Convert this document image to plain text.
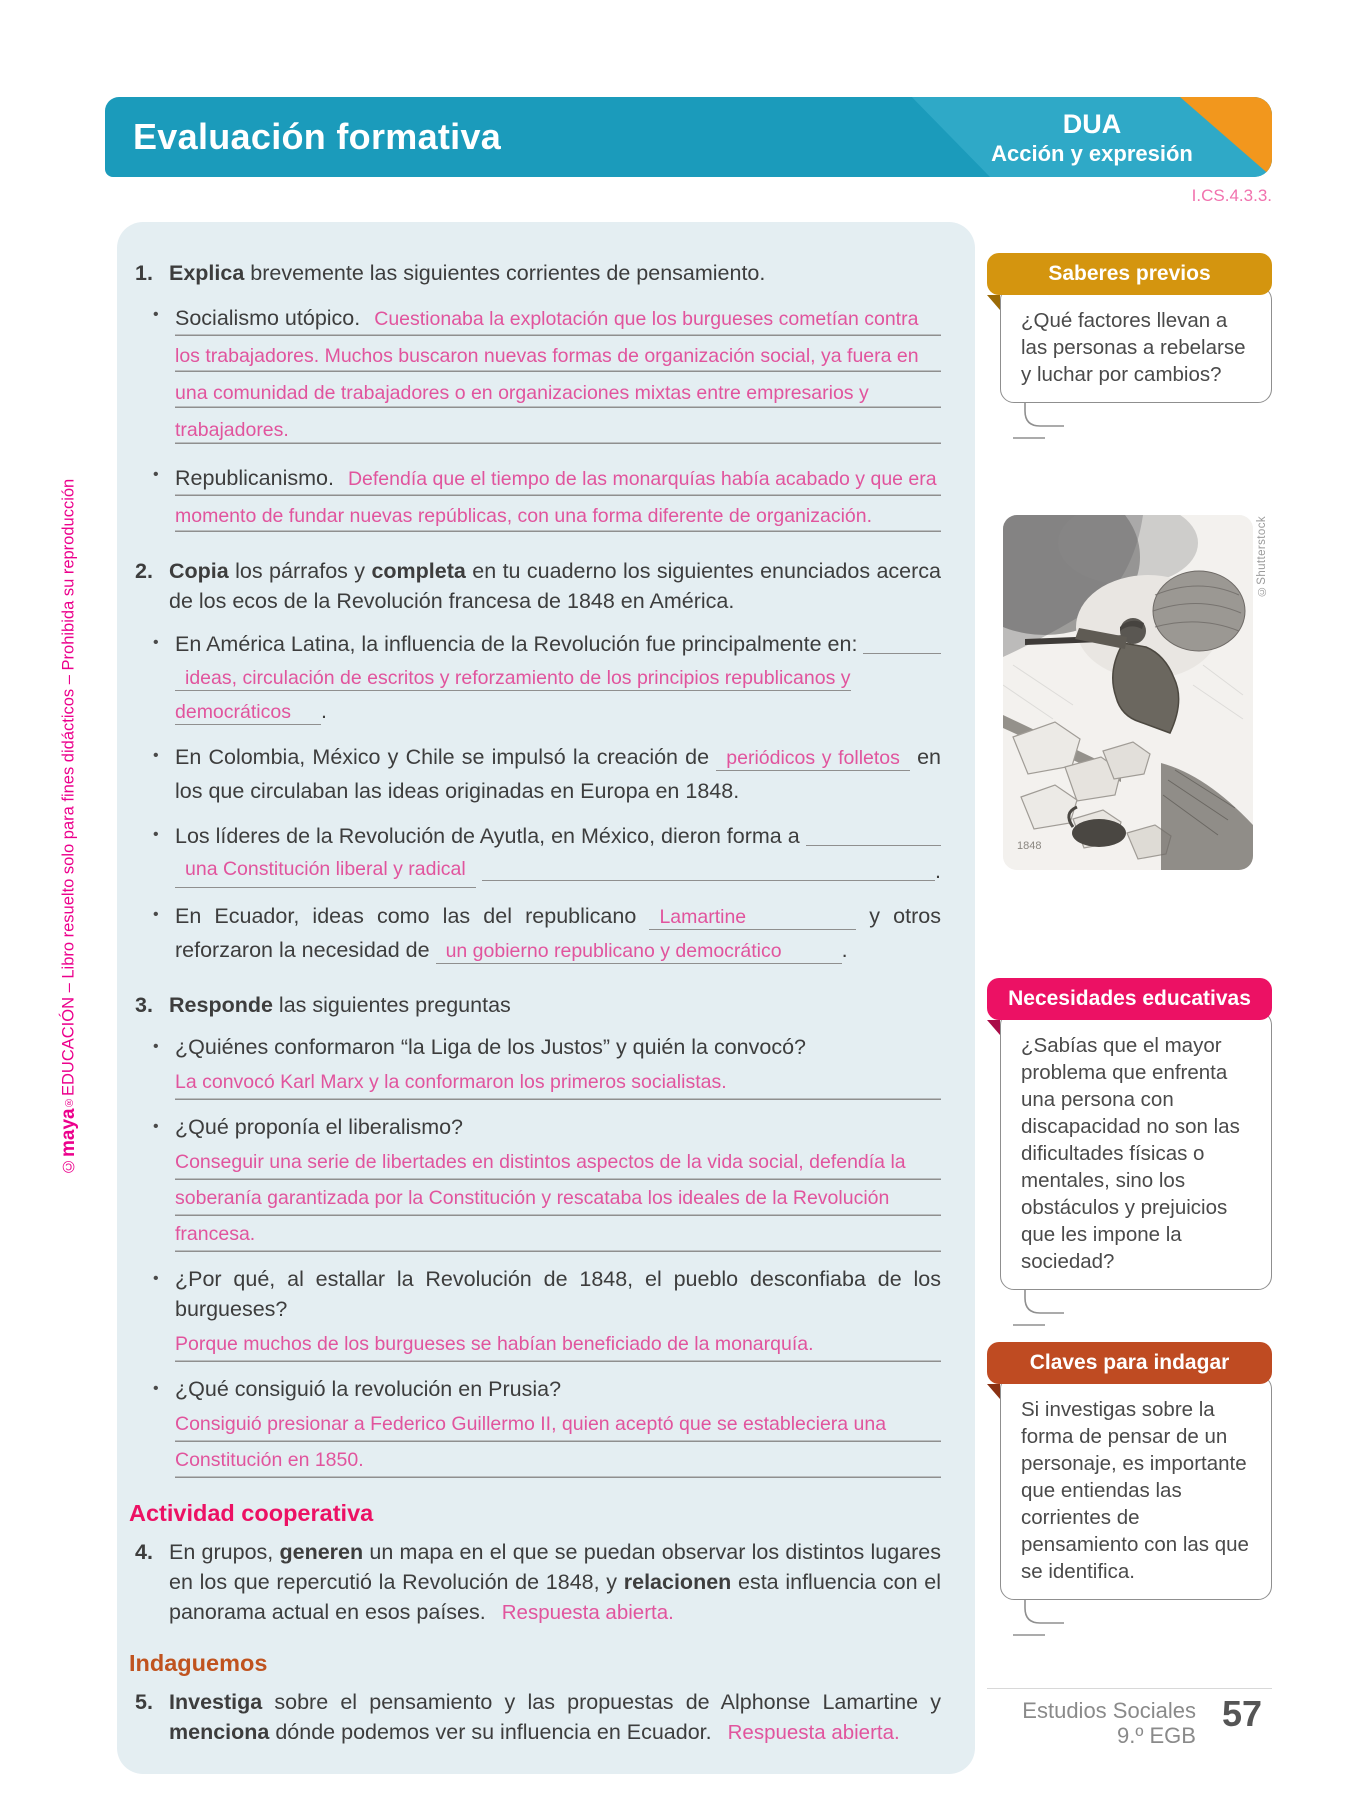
Evaluación formativa	DUA
Acción y expresión
I.CS.4.3.3.
©
maya
®
EDUCACIÓN – Libro resuelto solo para fines didácticos – Prohibida su reproducción
1. Explica brevemente las siguientes corrientes de pensamiento.
•
Socialismo utópico. Cuestionaba la explotación que los burgueses cometían contra los trabajadores. Muchos buscaron nuevas formas de organización social, ya fuera en una comunidad de trabajadores o en organizaciones mixtas entre empresarios y trabajadores.
•
Republicanismo. Defendía que el tiempo de las monarquías había acabado y que era momento de fundar nuevas repúblicas, con una forma diferente de organización.
2. Copia los párrafos y completa en tu cuaderno los siguientes enunciados acerca de los ecos de la Revolución francesa de 1848 en América.
•
En América Latina, la influencia de la Revolución fue principalmente en:
ideas, circulación de escritos y reforzamiento de los principios republicanos y democráticos .
•
En Colombia, México y Chile se impulsó la creación de periódicos y folletos en los que circulaban las ideas originadas en Europa en 1848.
•
Los líderes de la Revolución de Ayutla, en México, dieron forma a
una Constitución liberal y radical	.
•
En Ecuador, ideas como las del republicano Lamartine	y otros reforzaron la necesidad de un gobierno republicano y democrático	.
3. Responde las siguientes preguntas
•
¿Quiénes conformaron “la Liga de los Justos” y quién la convocó?
La convocó Karl Marx y la conformaron los primeros socialistas.
•
¿Qué proponía el liberalismo?
Conseguir una serie de libertades en distintos aspectos de la vida social, defendía la soberanía garantizada por la Constitución y rescataba los ideales de la Revolución francesa.
•
¿Por qué, al estallar la Revolución de 1848, el pueblo desconfiaba de los burgueses?
Porque muchos de los burgueses se habían beneficiado de la monarquía.
•
¿Qué consiguió la revolución en Prusia?
Consiguió presionar a Federico Guillermo II, quien aceptó que se estableciera una Constitución en 1850.
Actividad cooperativa
4. En grupos, generen un mapa en el que se puedan observar los distintos lugares en los que repercutió la Revolución de 1848, y relacionen esta influencia con el panorama actual en esos países. Respuesta abierta.
Indaguemos
5. Investiga sobre el pensamiento y las propuestas de Alphonse Lamartine y menciona dónde podemos ver su influencia en Ecuador. Respuesta abierta.
Saberes previos
¿Qué factores llevan a las personas a rebelarse y luchar por cambios?
1848
©Shutterstock
Necesidades educativas
¿Sabías que el mayor problema que enfrenta una persona con discapacidad no son las dificultades físicas o mentales, sino los obstáculos y prejuicios que les impone la sociedad?
Claves para indagar
Si investigas sobre la forma de pensar de un personaje, es importante que entiendas las corrientes de pensamiento con las que se identifica.
Estudios Sociales
9.º EGB
57
